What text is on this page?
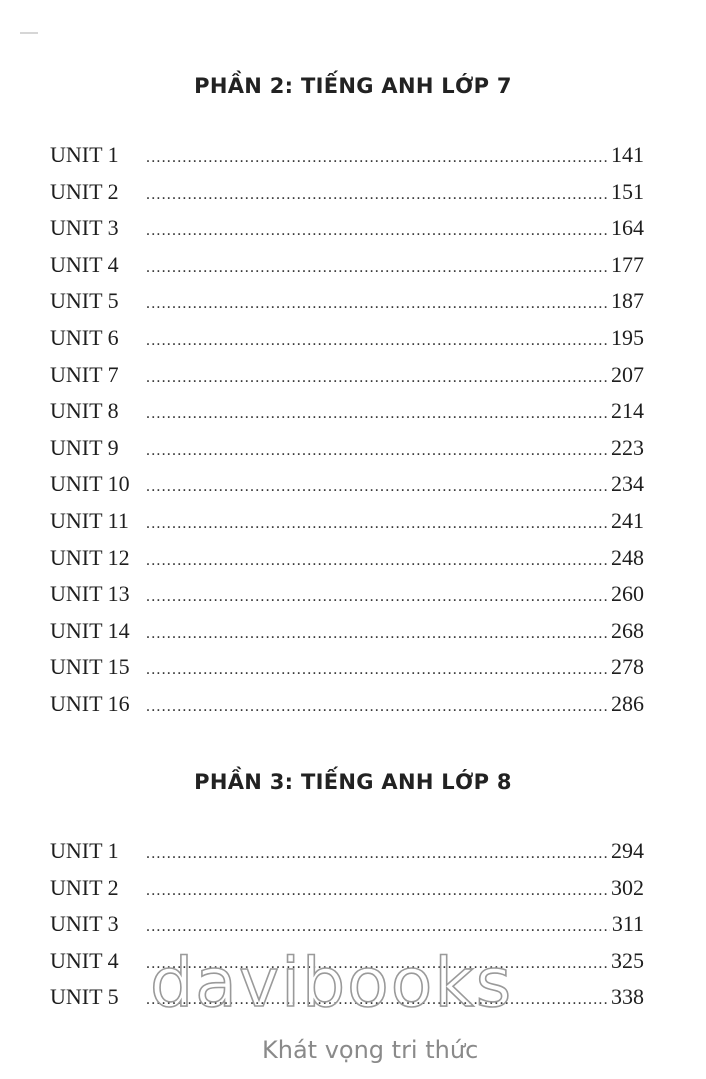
PHẦN 2: TIẾNG ANH LỚP 7
UNIT 1 .....	141
UNIT 2 .....	151
UNIT 3 .....	164
UNIT 4 .....	177
UNIT 5 .....	187
UNIT 6 .....	195
UNIT 7 .....	207
UNIT 8 .....	214
UNIT 9 .....	223
UNIT 10 .....	234
UNIT 11 .....	241
UNIT 12 .....	248
UNIT 13 .....	260
UNIT 14 .....	268
UNIT 15 .....	278
UNIT 16 .....	286
PHẦN 3: TIẾNG ANH LỚP 8
UNIT 1 .....	294
UNIT 2 .....	302
UNIT 3 .....	311
UNIT 4 .....	325
UNIT 5 .....	338
davibooks
Khát vọng tri thức
